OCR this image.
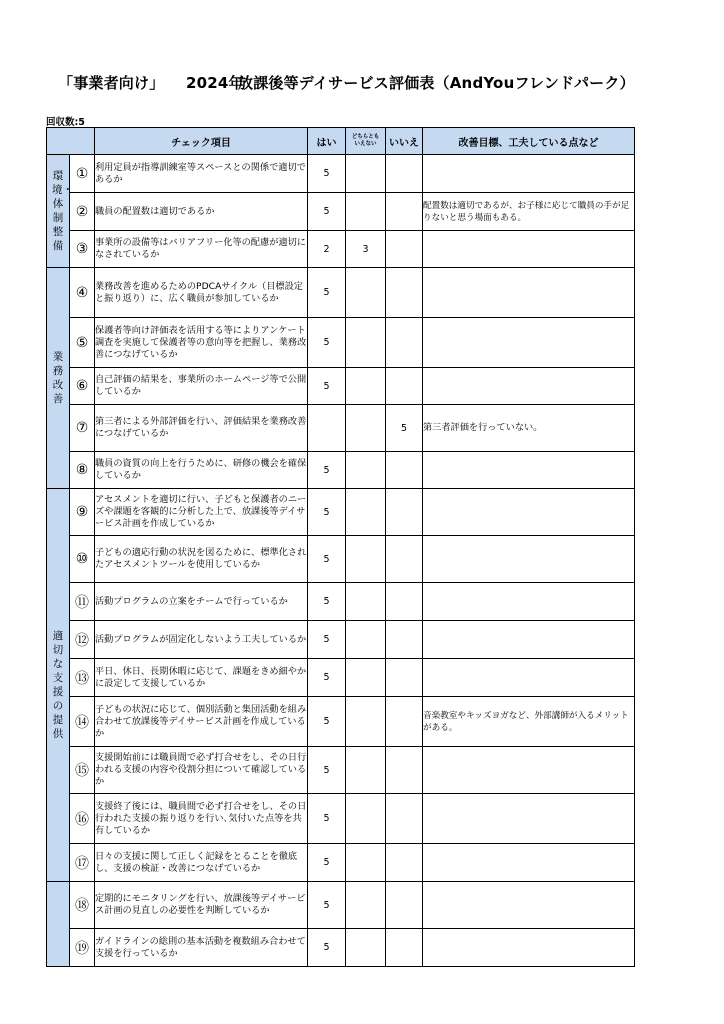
「事業者向け」 2024年放課後等デイサービス評価表（AndYouフレンドパーク）
回収数:5
		チェック項目	はい	どちらとも
いえない	いいえ	改善目標、工夫している点など

環境・体制整備	①	利用定員が指導訓練室等スペースとの関係で適切であるか	5			
	②	職員の配置数は適切であるか	5			配置数は適切であるが、お子様に応じて職員の手が足りないと思う場面もある。
	③	事業所の設備等はバリアフリー化等の配慮が適切になされているか	2	3		

業務改善	④	業務改善を進めるためのPDCAサイクル（目標設定と振り返り）に、広く職員が参加しているか	5			
	⑤	保護者等向け評価表を活用する等によりアンケート調査を実施して保護者等の意向等を把握し、業務改善につなげているか	5			
	⑥	自己評価の結果を、事業所のホームページ等で公開しているか	5			
	⑦	第三者による外部評価を行い、評価結果を業務改善につなげているか			5	第三者評価を行っていない。
	⑧	職員の資質の向上を行うために、研修の機会を確保しているか	5			

適切な支援の提供	⑨	アセスメントを適切に行い、子どもと保護者のニーズや課題を客観的に分析した上で、放課後等デイサービス計画を作成しているか	5			
	⑩	子どもの適応行動の状況を図るために、標準化されたアセスメントツールを使用しているか	5			
	⑪	活動プログラムの立案をチームで行っているか	5			
	⑫	活動プログラムが固定化しないよう工夫しているか	5			
	⑬	平日、休日、長期休暇に応じて、課題をきめ細やかに設定して支援しているか	5			
	⑭	子どもの状況に応じて、個別活動と集団活動を組み合わせて放課後等デイサービス計画を作成しているか	5			音楽教室やキッズヨガなど、外部講師が入るメリットがある。
	⑮	支援開始前には職員間で必ず打合せをし、その日行われる支援の内容や役割分担について確認しているか	5			
	⑯	支援終了後には、職員間で必ず打合せをし、その日行われた支援の振り返りを行い､気付いた点等を共有しているか	5			
	⑰	日々の支援に関して正しく記録をとることを徹底し、支援の検証・改善につなげているか	5			
	⑱	定期的にモニタリングを行い、放課後等デイサービス計画の見直しの必要性を判断しているか	5			
	⑲	ガイドラインの総則の基本活動を複数組み合わせて支援を行っているか	5			
